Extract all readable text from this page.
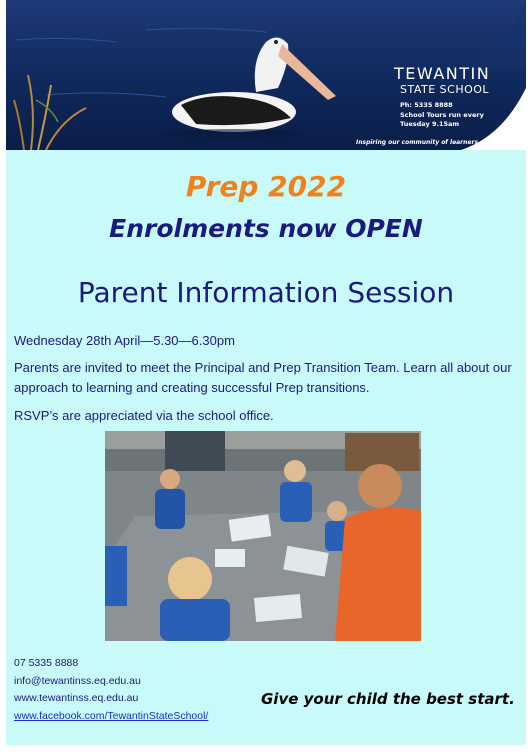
TEWANTIN
STATE SCHOOL
Ph: 5335 8888
School Tours run every Tuesday 9.15am
Inspiring our community of learners
Prep 2022
Enrolments now OPEN
Parent Information Session
Wednesday 28th April—5.30—6.30pm
Parents are invited to meet the Principal and Prep Transition Team. Learn all about our approach to learning and creating successful Prep transitions.
RSVP’s are appreciated via the school office.
07 5335 8888
info@tewantinss.eq.edu.au
www.tewantinss.eq.edu.au
www.facebook.com/TewantinStateSchool/
Give your child the best start.
